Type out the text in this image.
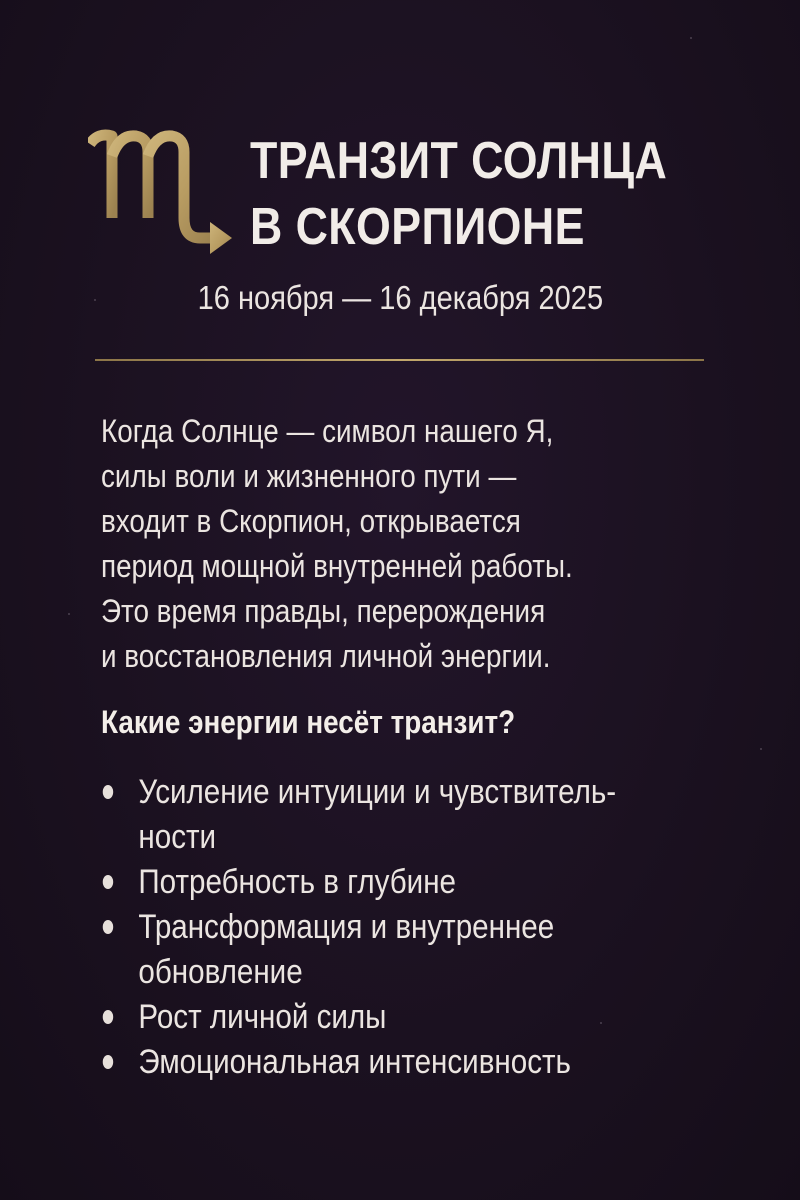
ТРАНЗИТ СОЛНЦА
В СКОРПИОНЕ
16 ноября — 16 декабря 2025
Когда Солнце — символ нашего Я,
силы воли и жизненного пути —
входит в Скорпион, открывается
период мощной внутренней работы.
Это время правды, перерождения
и восстановления личной энергии.
Какие энергии несёт транзит?
Усиление интуиции и чувствитель-
ности
Потребность в глубине
Трансформация и внутреннее
обновление
Рост личной силы
Эмоциональная интенсивность
